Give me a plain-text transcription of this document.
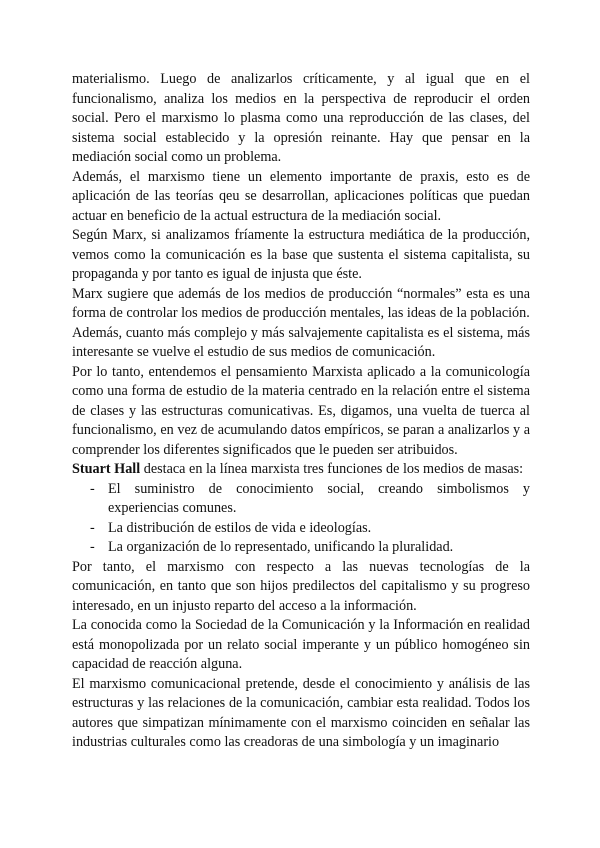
materialismo. Luego de analizarlos críticamente, y al igual que en el funcionalismo, analiza los medios en la perspectiva de reproducir el orden social. Pero el marxismo lo plasma como una reproducción de las clases, del sistema social establecido y la opresión reinante. Hay que pensar en la mediación social como un problema.

Además, el marxismo tiene un elemento importante de praxis, esto es de aplicación de las teorías qeu se desarrollan, aplicaciones políticas que puedan actuar en beneficio de la actual estructura de la mediación social.

Según Marx, si analizamos fríamente la estructura mediática de la producción, vemos como la comunicación es la base que sustenta el sistema capitalista, su propaganda y por tanto es igual de injusta que éste.

Marx sugiere que además de los medios de producción “normales” esta es una forma de controlar los medios de producción mentales, las ideas de la población.

Además, cuanto más complejo y más salvajemente capitalista es el sistema, más interesante se vuelve el estudio de sus medios de comunicación.

Por lo tanto, entendemos el pensamiento Marxista aplicado a la comunicología como una forma de estudio de la materia centrado en la relación entre el sistema de clases y las estructuras comunicativas. Es, digamos, una vuelta de tuerca al funcionalismo, en vez de acumulando datos empíricos, se paran a analizarlos y a comprender los diferentes significados que le pueden ser atribuidos.

Stuart Hall destaca en la línea marxista tres funciones de los medios de masas:

- El suministro de conocimiento social, creando simbolismos y experiencias comunes.
- La distribución de estilos de vida e ideologías.
- La organización de lo representado, unificando la pluralidad.

Por tanto, el marxismo con respecto a las nuevas tecnologías de la comunicación, en tanto que son hijos predilectos del capitalismo y su progreso interesado, en un injusto reparto del acceso a la información.

La conocida como la Sociedad de la Comunicación y la Información en realidad está monopolizada por un relato social imperante y un público homogéneo sin capacidad de reacción alguna.

El marxismo comunicacional pretende, desde el conocimiento y análisis de las estructuras y las relaciones de la comunicación, cambiar esta realidad. Todos los autores que simpatizan mínimamente con el marxismo coinciden en señalar las industrias culturales como las creadoras de una simbología y un imaginario
